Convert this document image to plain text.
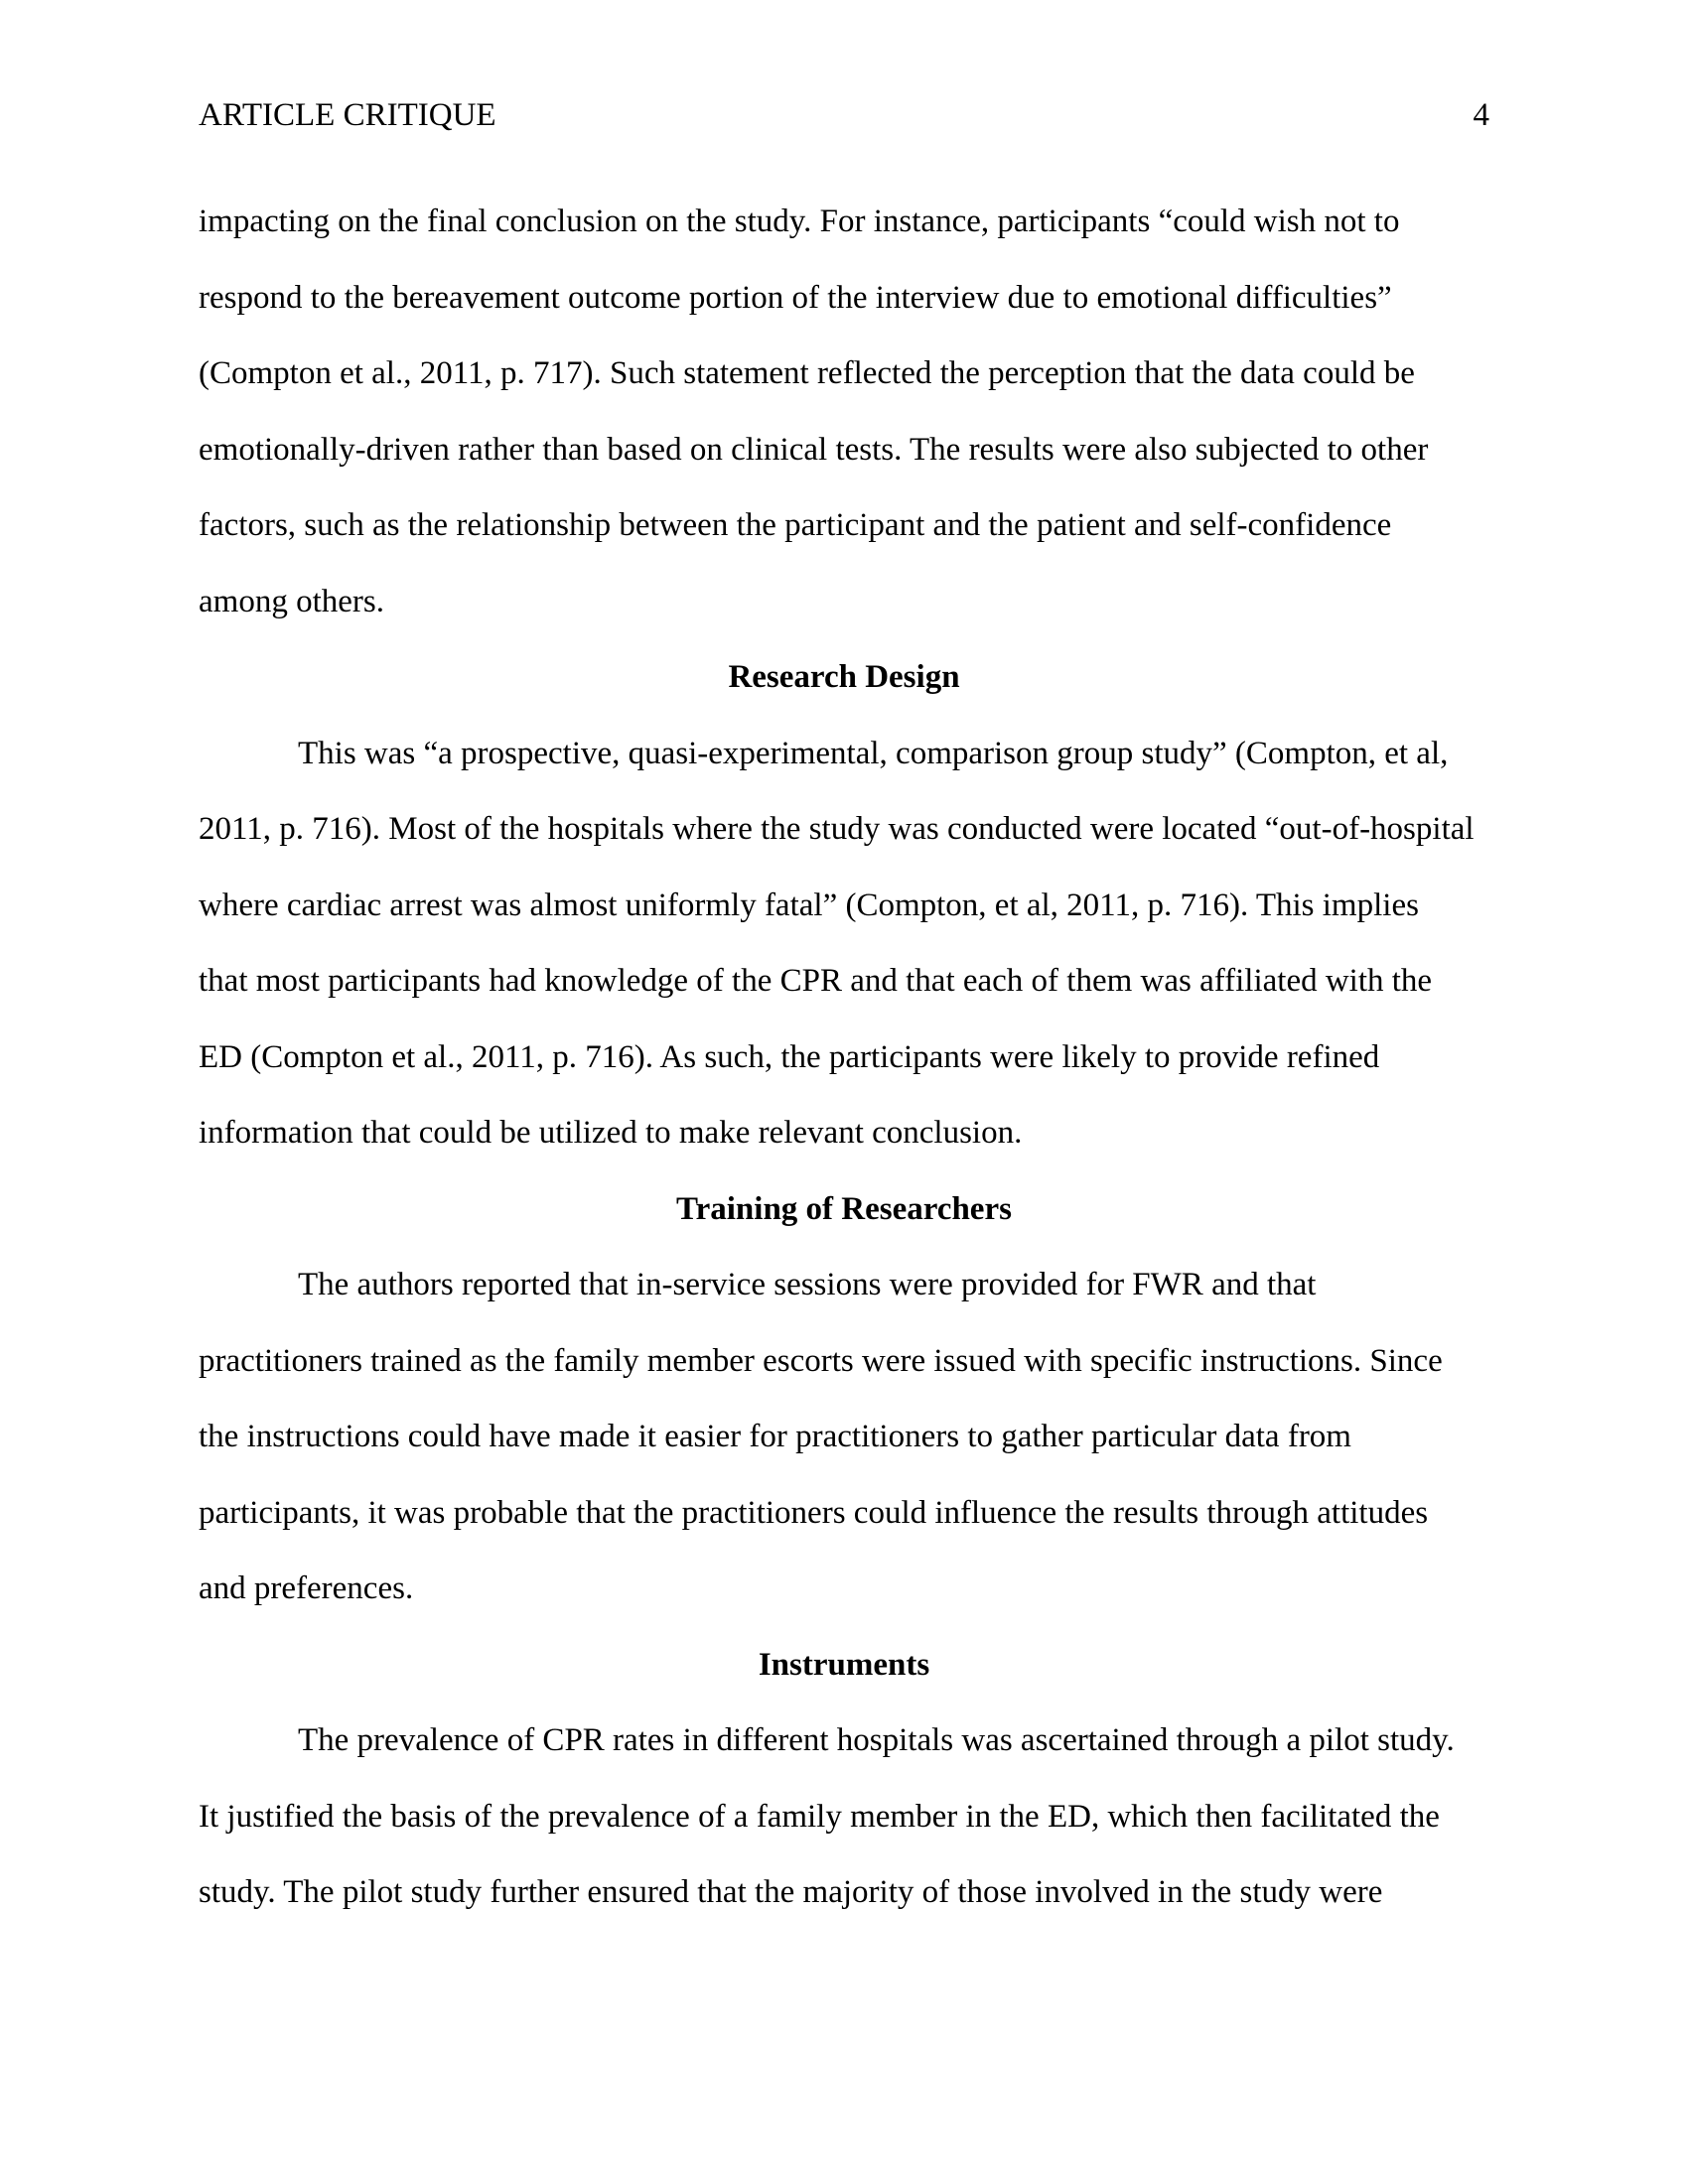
ARTICLE CRITIQUE	4
impacting on the final conclusion on the study. For instance, participants “could wish not to
respond to the bereavement outcome portion of the interview due to emotional difficulties”
(Compton et al., 2011, p. 717). Such statement reflected the perception that the data could be
emotionally-driven rather than based on clinical tests. The results were also subjected to other
factors, such as the relationship between the participant and the patient and self-confidence
among others.
Research Design
This was “a prospective, quasi-experimental, comparison group study” (Compton, et al,
2011, p. 716). Most of the hospitals where the study was conducted were located “out-of-hospital
where cardiac arrest was almost uniformly fatal” (Compton, et al, 2011, p. 716). This implies
that most participants had knowledge of the CPR and that each of them was affiliated with the
ED (Compton et al., 2011, p. 716). As such, the participants were likely to provide refined
information that could be utilized to make relevant conclusion.
Training of Researchers
The authors reported that in-service sessions were provided for FWR and that
practitioners trained as the family member escorts were issued with specific instructions. Since
the instructions could have made it easier for practitioners to gather particular data from
participants, it was probable that the practitioners could influence the results through attitudes
and preferences.
Instruments
The prevalence of CPR rates in different hospitals was ascertained through a pilot study.
It justified the basis of the prevalence of a family member in the ED, which then facilitated the
study. The pilot study further ensured that the majority of those involved in the study were
